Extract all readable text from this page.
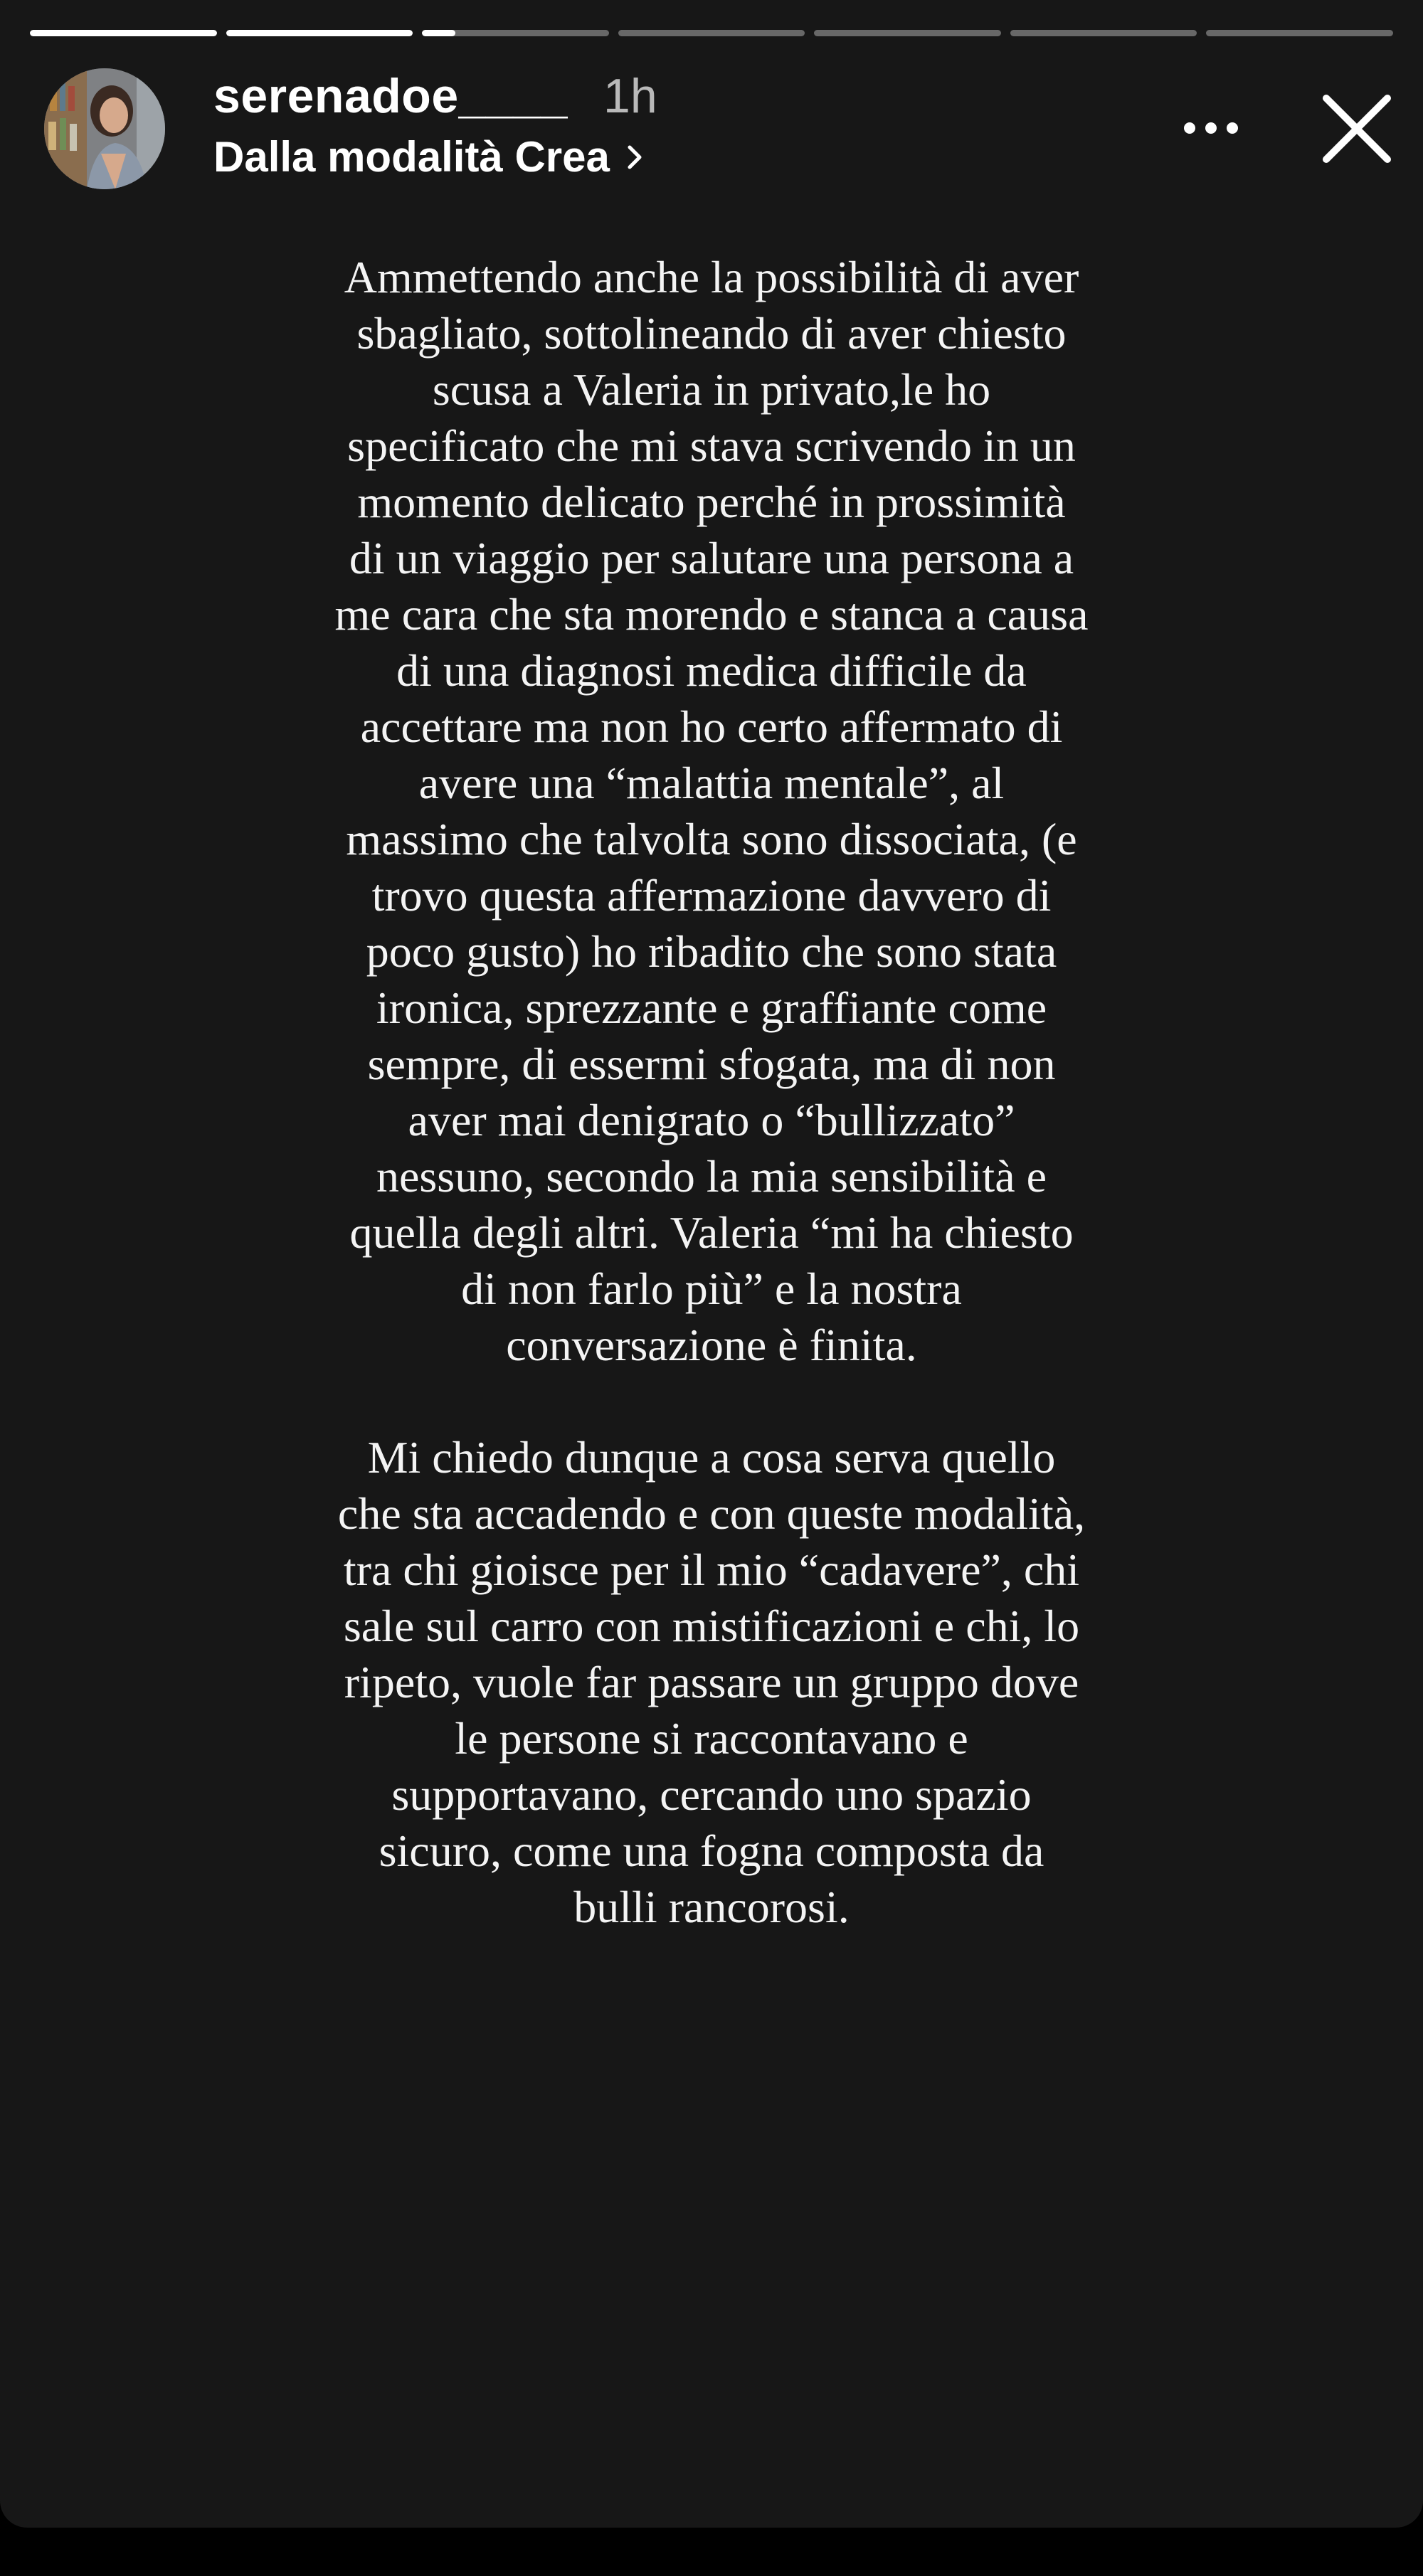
serenadoe____ 1h
Dalla modalità Crea

Ammettendo anche la possibilità di aver sbagliato, sottolineando di aver chiesto scusa a Valeria in privato,le ho specificato che mi stava scrivendo in un momento delicato perché in prossimità di un viaggio per salutare una persona a me cara che sta morendo e stanca a causa di una diagnosi medica difficile da accettare ma non ho certo affermato di avere una “malattia mentale”, al massimo che talvolta sono dissociata, (e trovo questa affermazione davvero di poco gusto) ho ribadito che sono stata ironica, sprezzante e graffiante come sempre, di essermi sfogata, ma di non aver mai denigrato o “bullizzato” nessuno, secondo la mia sensibilità e quella degli altri. Valeria “mi ha chiesto di non farlo più” e la nostra conversazione è finita.

Mi chiedo dunque a cosa serva quello che sta accadendo e con queste modalità, tra chi gioisce per il mio “cadavere”, chi sale sul carro con mistificazioni e chi, lo ripeto, vuole far passare un gruppo dove le persone si raccontavano e supportavano, cercando uno spazio sicuro, come una fogna composta da bulli rancorosi.
